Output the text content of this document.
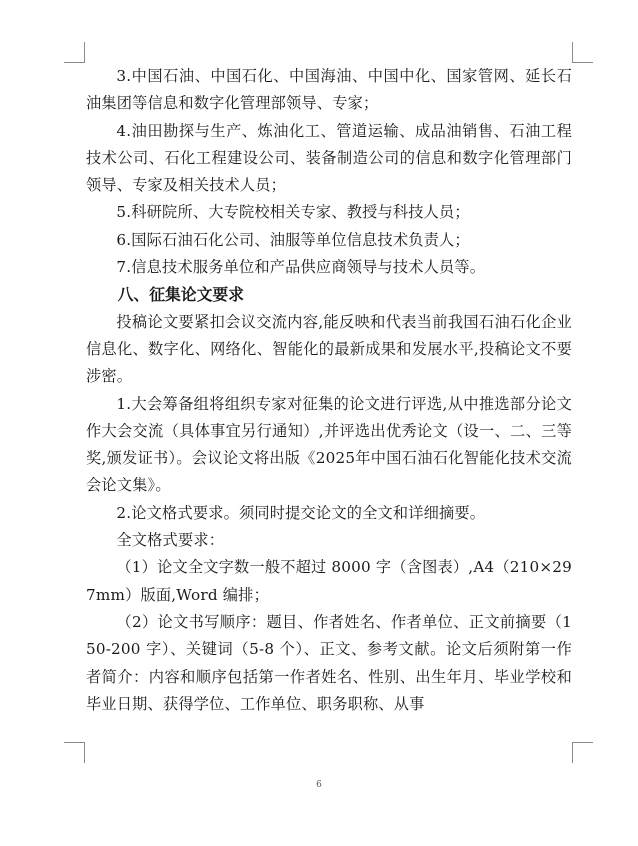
3.中国石油、中国石化、中国海油、中国中化、国家管网、延长石油集团等信息和数字化管理部领导、专家；

4.油田勘探与生产、炼油化工、管道运输、成品油销售、石油工程技术公司、石化工程建设公司、装备制造公司的信息和数字化管理部门领导、专家及相关技术人员；

5.科研院所、大专院校相关专家、教授与科技人员；

6.国际石油石化公司、油服等单位信息技术负责人；

7.信息技术服务单位和产品供应商领导与技术人员等。

八、征集论文要求

投稿论文要紧扣会议交流内容,能反映和代表当前我国石油石化企业信息化、数字化、网络化、智能化的最新成果和发展水平,投稿论文不要涉密。

1.大会筹备组将组织专家对征集的论文进行评选,从中推选部分论文作大会交流（具体事宜另行通知）,并评选出优秀论文（设一、二、三等奖,颁发证书）。会议论文将出版《2025年中国石油石化智能化技术交流会论文集》。

2.论文格式要求。须同时提交论文的全文和详细摘要。

全文格式要求：

（1）论文全文字数一般不超过 8000 字（含图表）,A4（210×297mm）版面,Word 编排；

（2）论文书写顺序：题目、作者姓名、作者单位、正文前摘要（150-200 字）、关键词（5-8 个）、正文、参考文献。论文后须附第一作者简介：内容和顺序包括第一作者姓名、性别、出生年月、毕业学校和毕业日期、获得学位、工作单位、职务职称、从事

6
